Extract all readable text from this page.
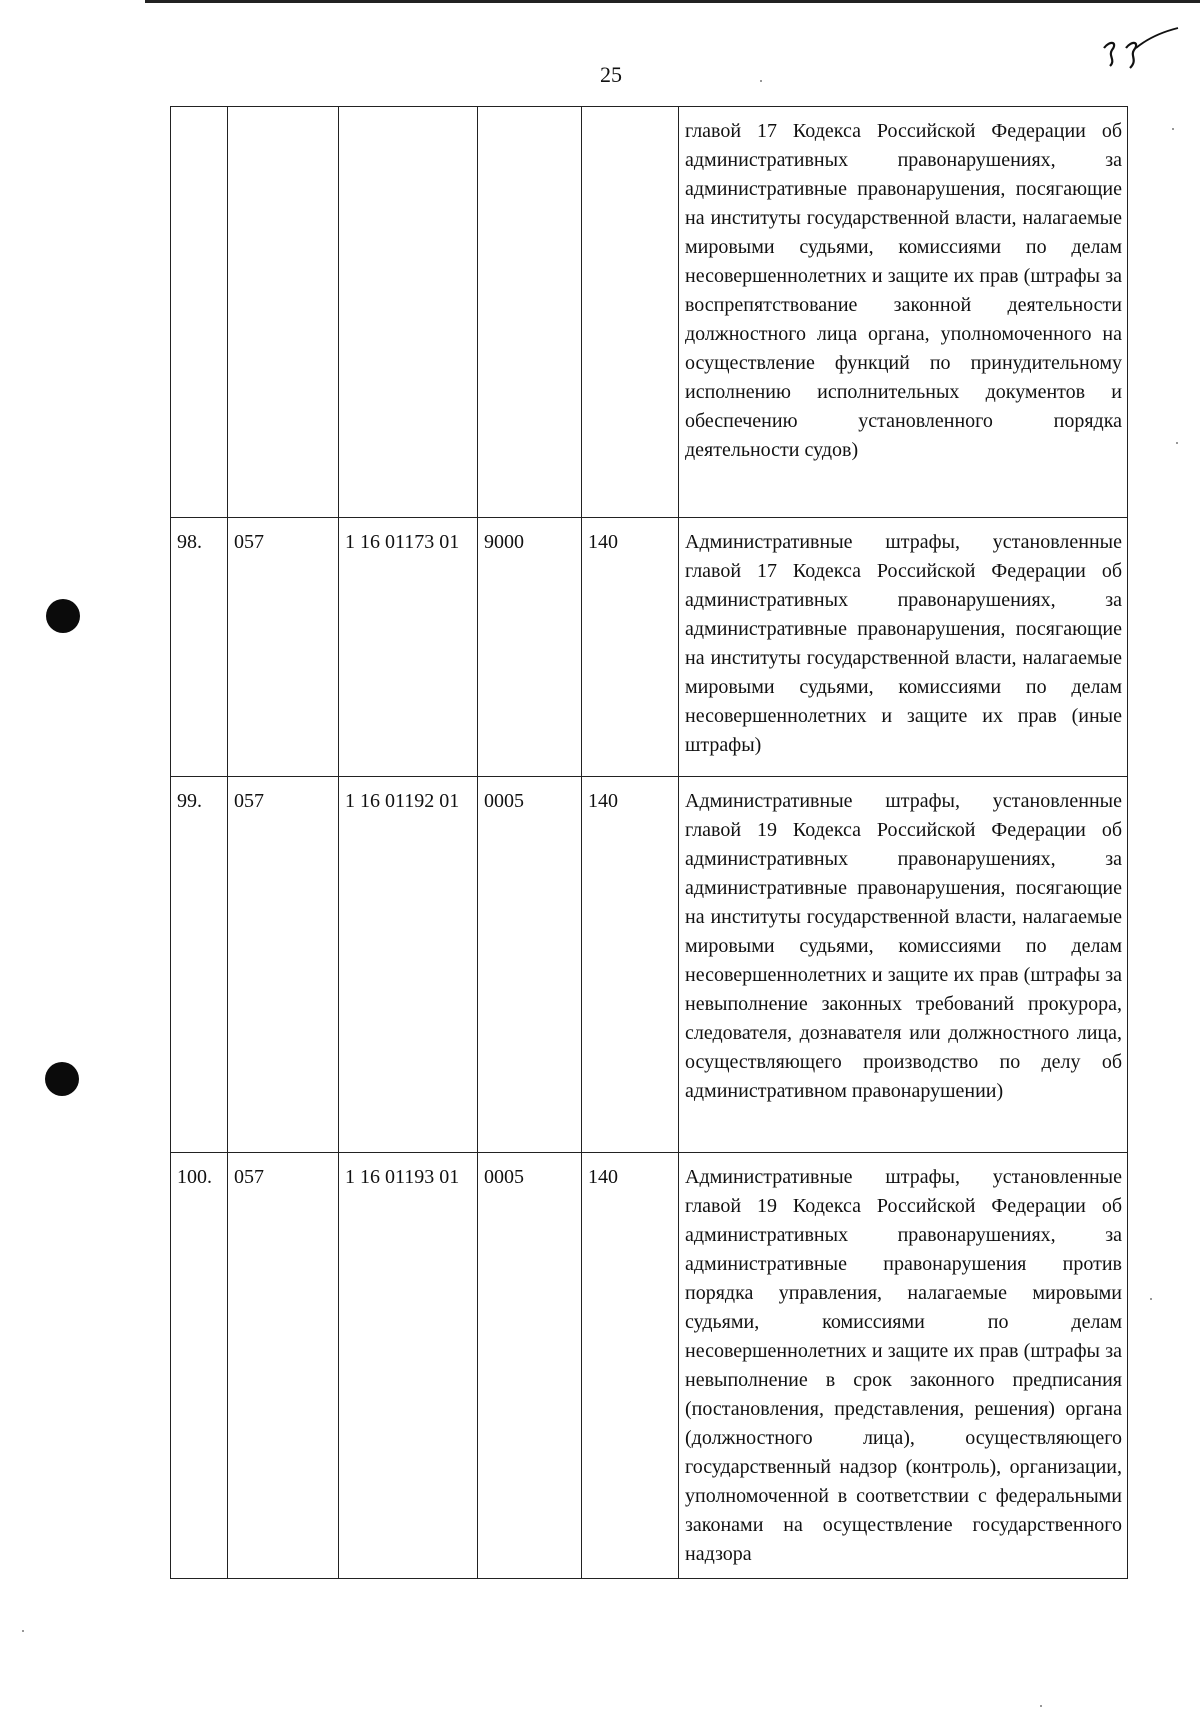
25
					главой 17 Кодекса Российской Федерации об административных правонарушениях, за административные правонарушения, посягающие на институты государственной власти, налагаемые мировыми судьями, комиссиями по делам несовершеннолетних и защите их прав (штрафы за воспрепятствование законной деятельности должностного лица органа, уполномоченного на осуществление функций по принудительному исполнению исполнительных документов и обеспечению установленного порядка деятельности судов)
98.	057	1 16 01173 01	9000	140	Административные штрафы, установленные главой 17 Кодекса Российской Федерации об административных правонарушениях, за административные правонарушения, посягающие на институты государственной власти, налагаемые мировыми судьями, комиссиями по делам несовершеннолетних и защите их прав (иные штрафы)
99.	057	1 16 01192 01	0005	140	Административные штрафы, установленные главой 19 Кодекса Российской Федерации об административных правонарушениях, за административные правонарушения, посягающие на институты государственной власти, налагаемые мировыми судьями, комиссиями по делам несовершеннолетних и защите их прав (штрафы за невыполнение законных требований прокурора, следователя, дознавателя или должностного лица, осуществляющего производство по делу об административном правонарушении)
100.	057	1 16 01193 01	0005	140	Административные штрафы, установленные главой 19 Кодекса Российской Федерации об административных правонарушениях, за административные правонарушения против порядка управления, налагаемые мировыми судьями, комиссиями по делам несовершеннолетних и защите их прав (штрафы за невыполнение в срок законного предписания (постановления, представления, решения) органа (должностного лица), осуществляющего государственный надзор (контроль), организации, уполномоченной в соответствии с федеральными законами на осуществление государственного надзора
